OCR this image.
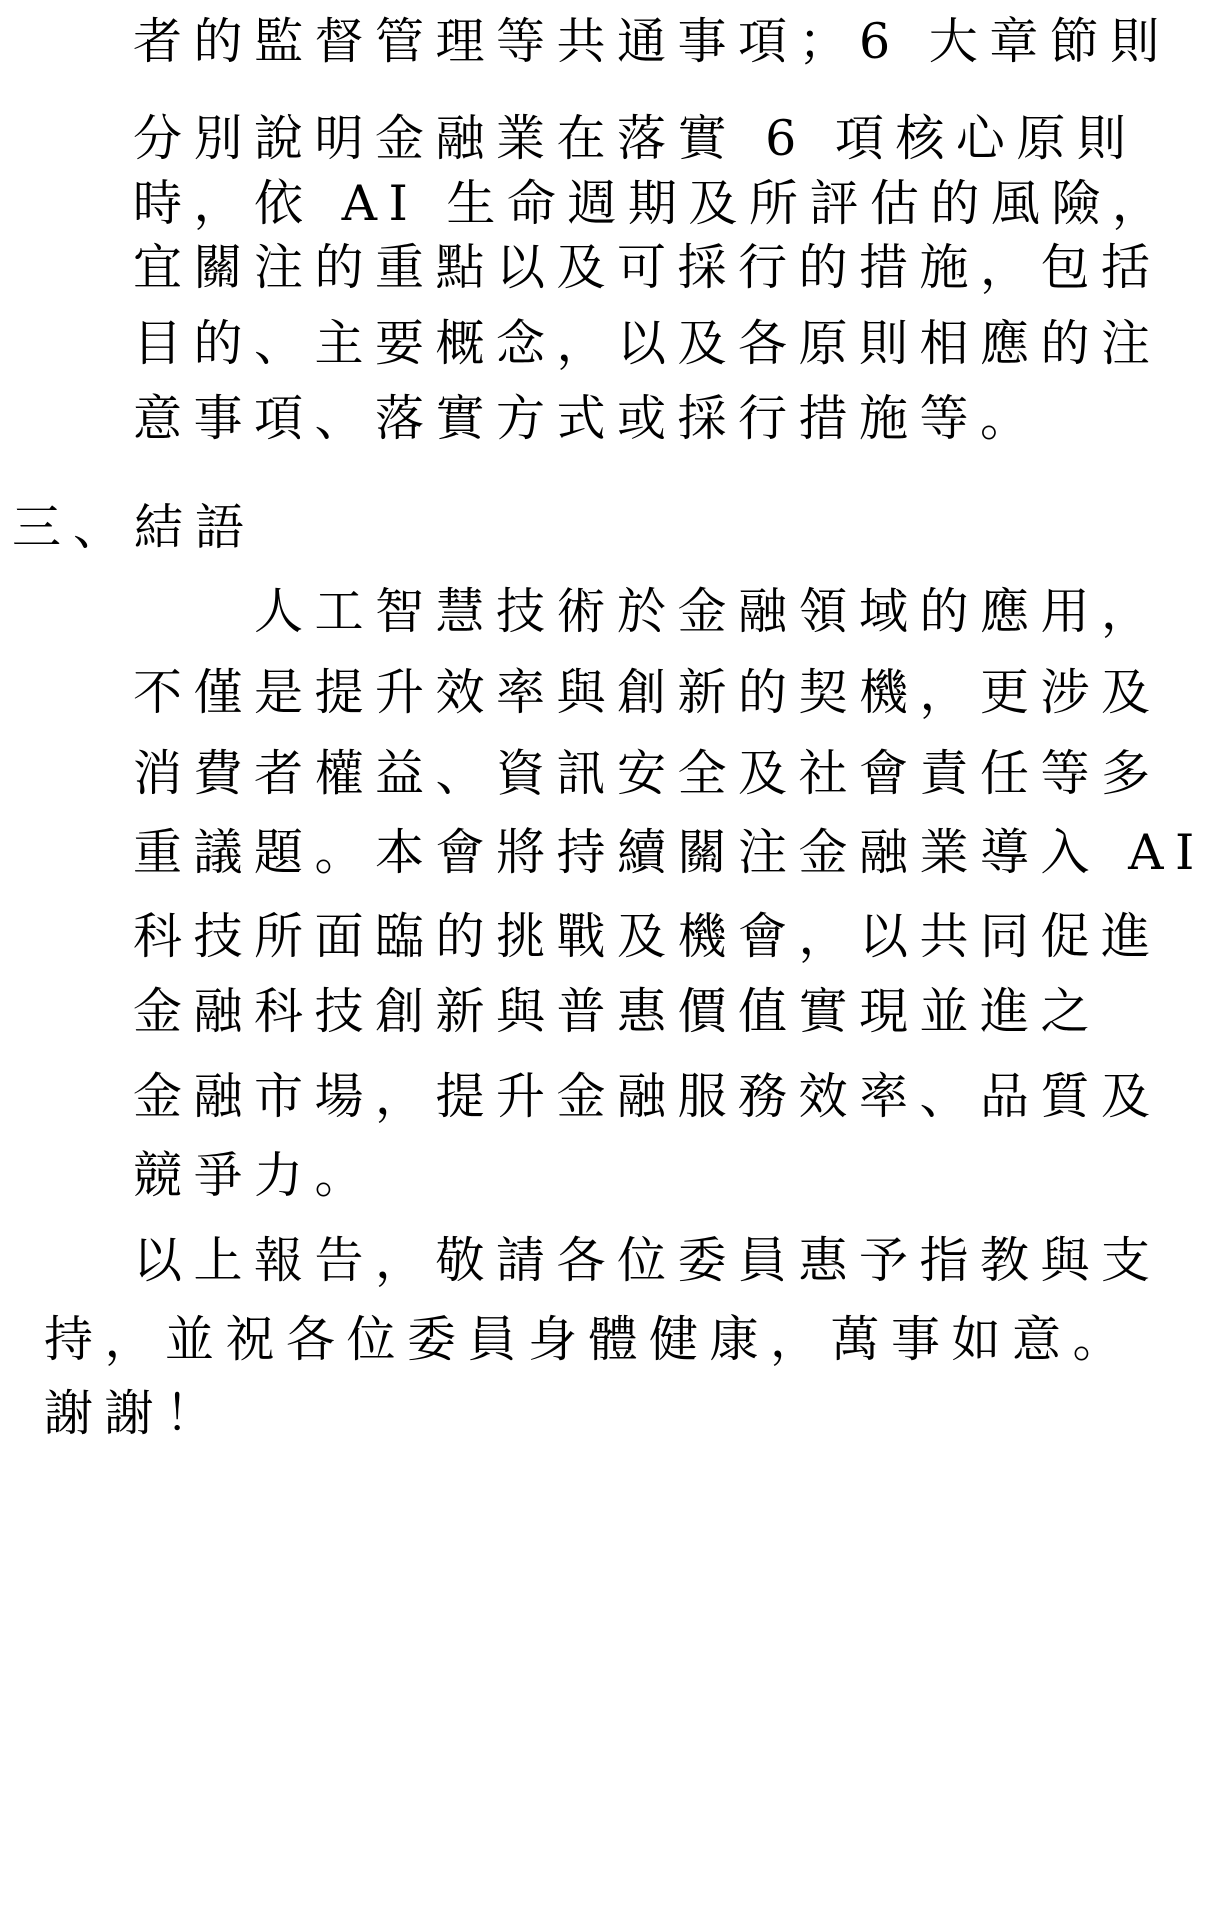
者的監督管理等共通事項；6 大章節則
分別說明金融業在落實 6 項核心原則
時，依 AI 生命週期及所評估的風險，
宜關注的重點以及可採行的措施，包括
目的、主要概念，以及各原則相應的注
意事項、落實方式或採行措施等。
三、結語
人工智慧技術於金融領域的應用，
不僅是提升效率與創新的契機，更涉及
消費者權益、資訊安全及社會責任等多
重議題。本會將持續關注金融業導入 AI
科技所面臨的挑戰及機會，以共同促進
金融科技創新與普惠價值實現並進之
金融市場，提升金融服務效率、品質及
競爭力。
以上報告，敬請各位委員惠予指教與支
持，並祝各位委員身體健康，萬事如意。
謝謝！
